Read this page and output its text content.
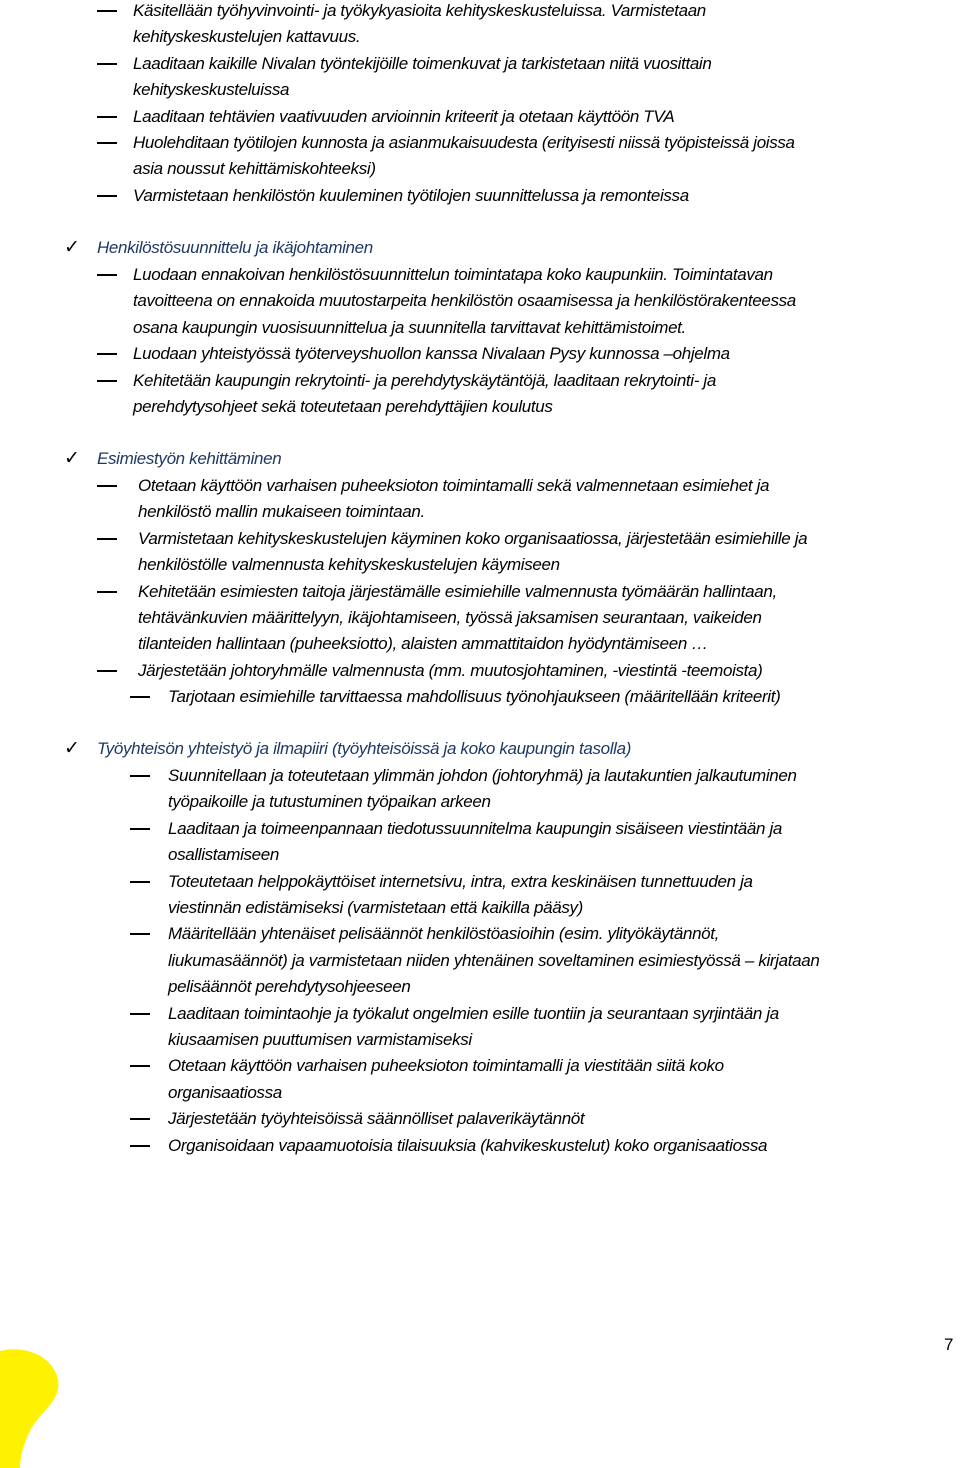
Käsitellään työhyvinvointi- ja työkykyasioita kehityskeskusteluissa. Varmistetaan
kehityskeskustelujen kattavuus.
Laaditaan kaikille Nivalan työntekijöille toimenkuvat ja tarkistetaan niitä vuosittain
kehityskeskusteluissa
Laaditaan tehtävien vaativuuden arvioinnin kriteerit ja otetaan käyttöön TVA
Huolehditaan työtilojen kunnosta ja asianmukaisuudesta (erityisesti niissä työpisteissä joissa
asia noussut kehittämiskohteeksi)
Varmistetaan henkilöstön kuuleminen työtilojen suunnittelussa ja remonteissa
✓ Henkilöstösuunnittelu ja ikäjohtaminen
Luodaan ennakoivan henkilöstösuunnittelun toimintatapa koko kaupunkiin. Toimintatavan
tavoitteena on ennakoida muutostarpeita henkilöstön osaamisessa ja henkilöstörakenteessa
osana kaupungin vuosisuunnittelua ja suunnitella tarvittavat kehittämistoimet.
Luodaan yhteistyössä työterveyshuollon kanssa Nivalaan Pysy kunnossa –ohjelma
Kehitetään kaupungin rekrytointi- ja perehdytyskäytäntöjä, laaditaan rekrytointi- ja
perehdytysohjeet sekä toteutetaan perehdyttäjien koulutus
✓ Esimiestyön kehittäminen
Otetaan käyttöön varhaisen puheeksioton toimintamalli sekä valmennetaan esimiehet ja
henkilöstö mallin mukaiseen toimintaan.
Varmistetaan kehityskeskustelujen käyminen koko organisaatiossa, järjestetään esimiehille ja
henkilöstölle valmennusta kehityskeskustelujen käymiseen
Kehitetään esimiesten taitoja järjestämälle esimiehille valmennusta työmäärän hallintaan,
tehtävänkuvien määrittelyyn, ikäjohtamiseen, työssä jaksamisen seurantaan, vaikeiden
tilanteiden hallintaan (puheeksiotto), alaisten ammattitaidon hyödyntämiseen …
Järjestetään johtoryhmälle valmennusta (mm. muutosjohtaminen, -viestintä -teemoista)
Tarjotaan esimiehille tarvittaessa mahdollisuus työnohjaukseen (määritellään kriteerit)
✓ Työyhteisön yhteistyö ja ilmapiiri (työyhteisöissä ja koko kaupungin tasolla)
Suunnitellaan ja toteutetaan ylimmän johdon (johtoryhmä) ja lautakuntien jalkautuminen
työpaikoille ja tutustuminen työpaikan arkeen
Laaditaan ja toimeenpannaan tiedotussuunnitelma kaupungin sisäiseen viestintään ja
osallistamiseen
Toteutetaan helppokäyttöiset internetsivu, intra, extra keskinäisen tunnettuuden ja
viestinnän edistämiseksi (varmistetaan että kaikilla pääsy)
Määritellään yhtenäiset pelisäännöt henkilöstöasioihin (esim. ylityökäytännöt,
liukumasäännöt) ja varmistetaan niiden yhtenäinen soveltaminen esimiestyössä – kirjataan
pelisäännöt perehdytysohjeeseen
Laaditaan toimintaohje ja työkalut ongelmien esille tuontiin ja seurantaan syrjintään ja
kiusaamisen puuttumisen varmistamiseksi
Otetaan käyttöön varhaisen puheeksioton toimintamalli ja viestitään siitä koko
organisaatiossa
Järjestetään työyhteisöissä säännölliset palaverikäytännöt
Organisoidaan vapaamuotoisia tilaisuuksia (kahvikeskustelut) koko organisaatiossa
7
